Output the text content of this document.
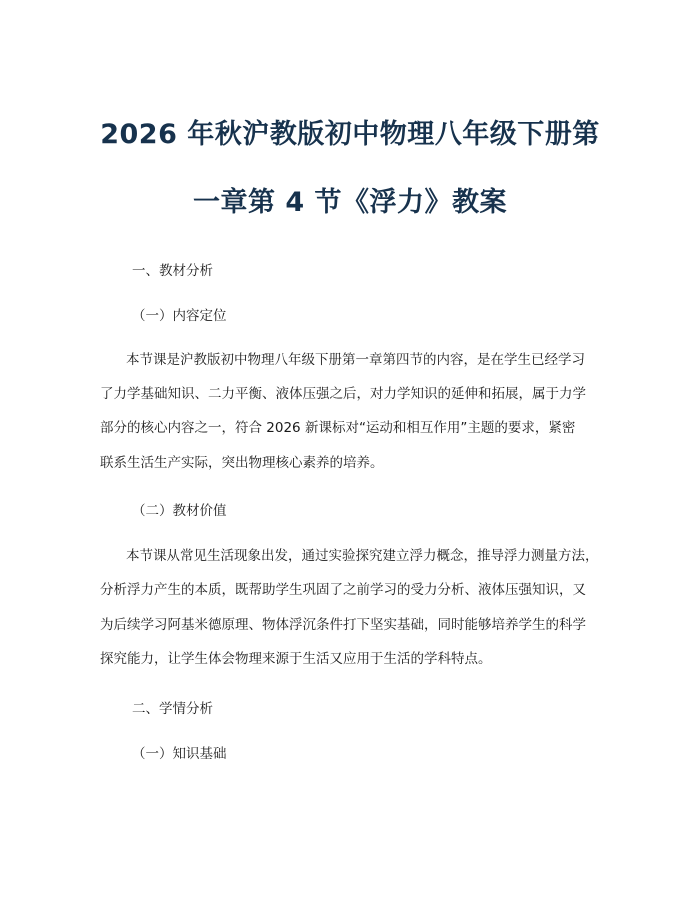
2026 年秋沪教版初中物理八年级下册第
一章第 4 节《浮力》教案
一、教材分析
（一）内容定位
本节课是沪教版初中物理八年级下册第一章第四节的内容，是在学生已经学习
了力学基础知识、二力平衡、液体压强之后，对力学知识的延伸和拓展，属于力学
部分的核心内容之一，符合 2026 新课标对“运动和相互作用”主题的要求，紧密
联系生活生产实际，突出物理核心素养的培养。
（二）教材价值
本节课从常见生活现象出发，通过实验探究建立浮力概念，推导浮力测量方法，
分析浮力产生的本质，既帮助学生巩固了之前学习的受力分析、液体压强知识，又
为后续学习阿基米德原理、物体浮沉条件打下坚实基础，同时能够培养学生的科学
探究能力，让学生体会物理来源于生活又应用于生活的学科特点。
二、学情分析
（一）知识基础
